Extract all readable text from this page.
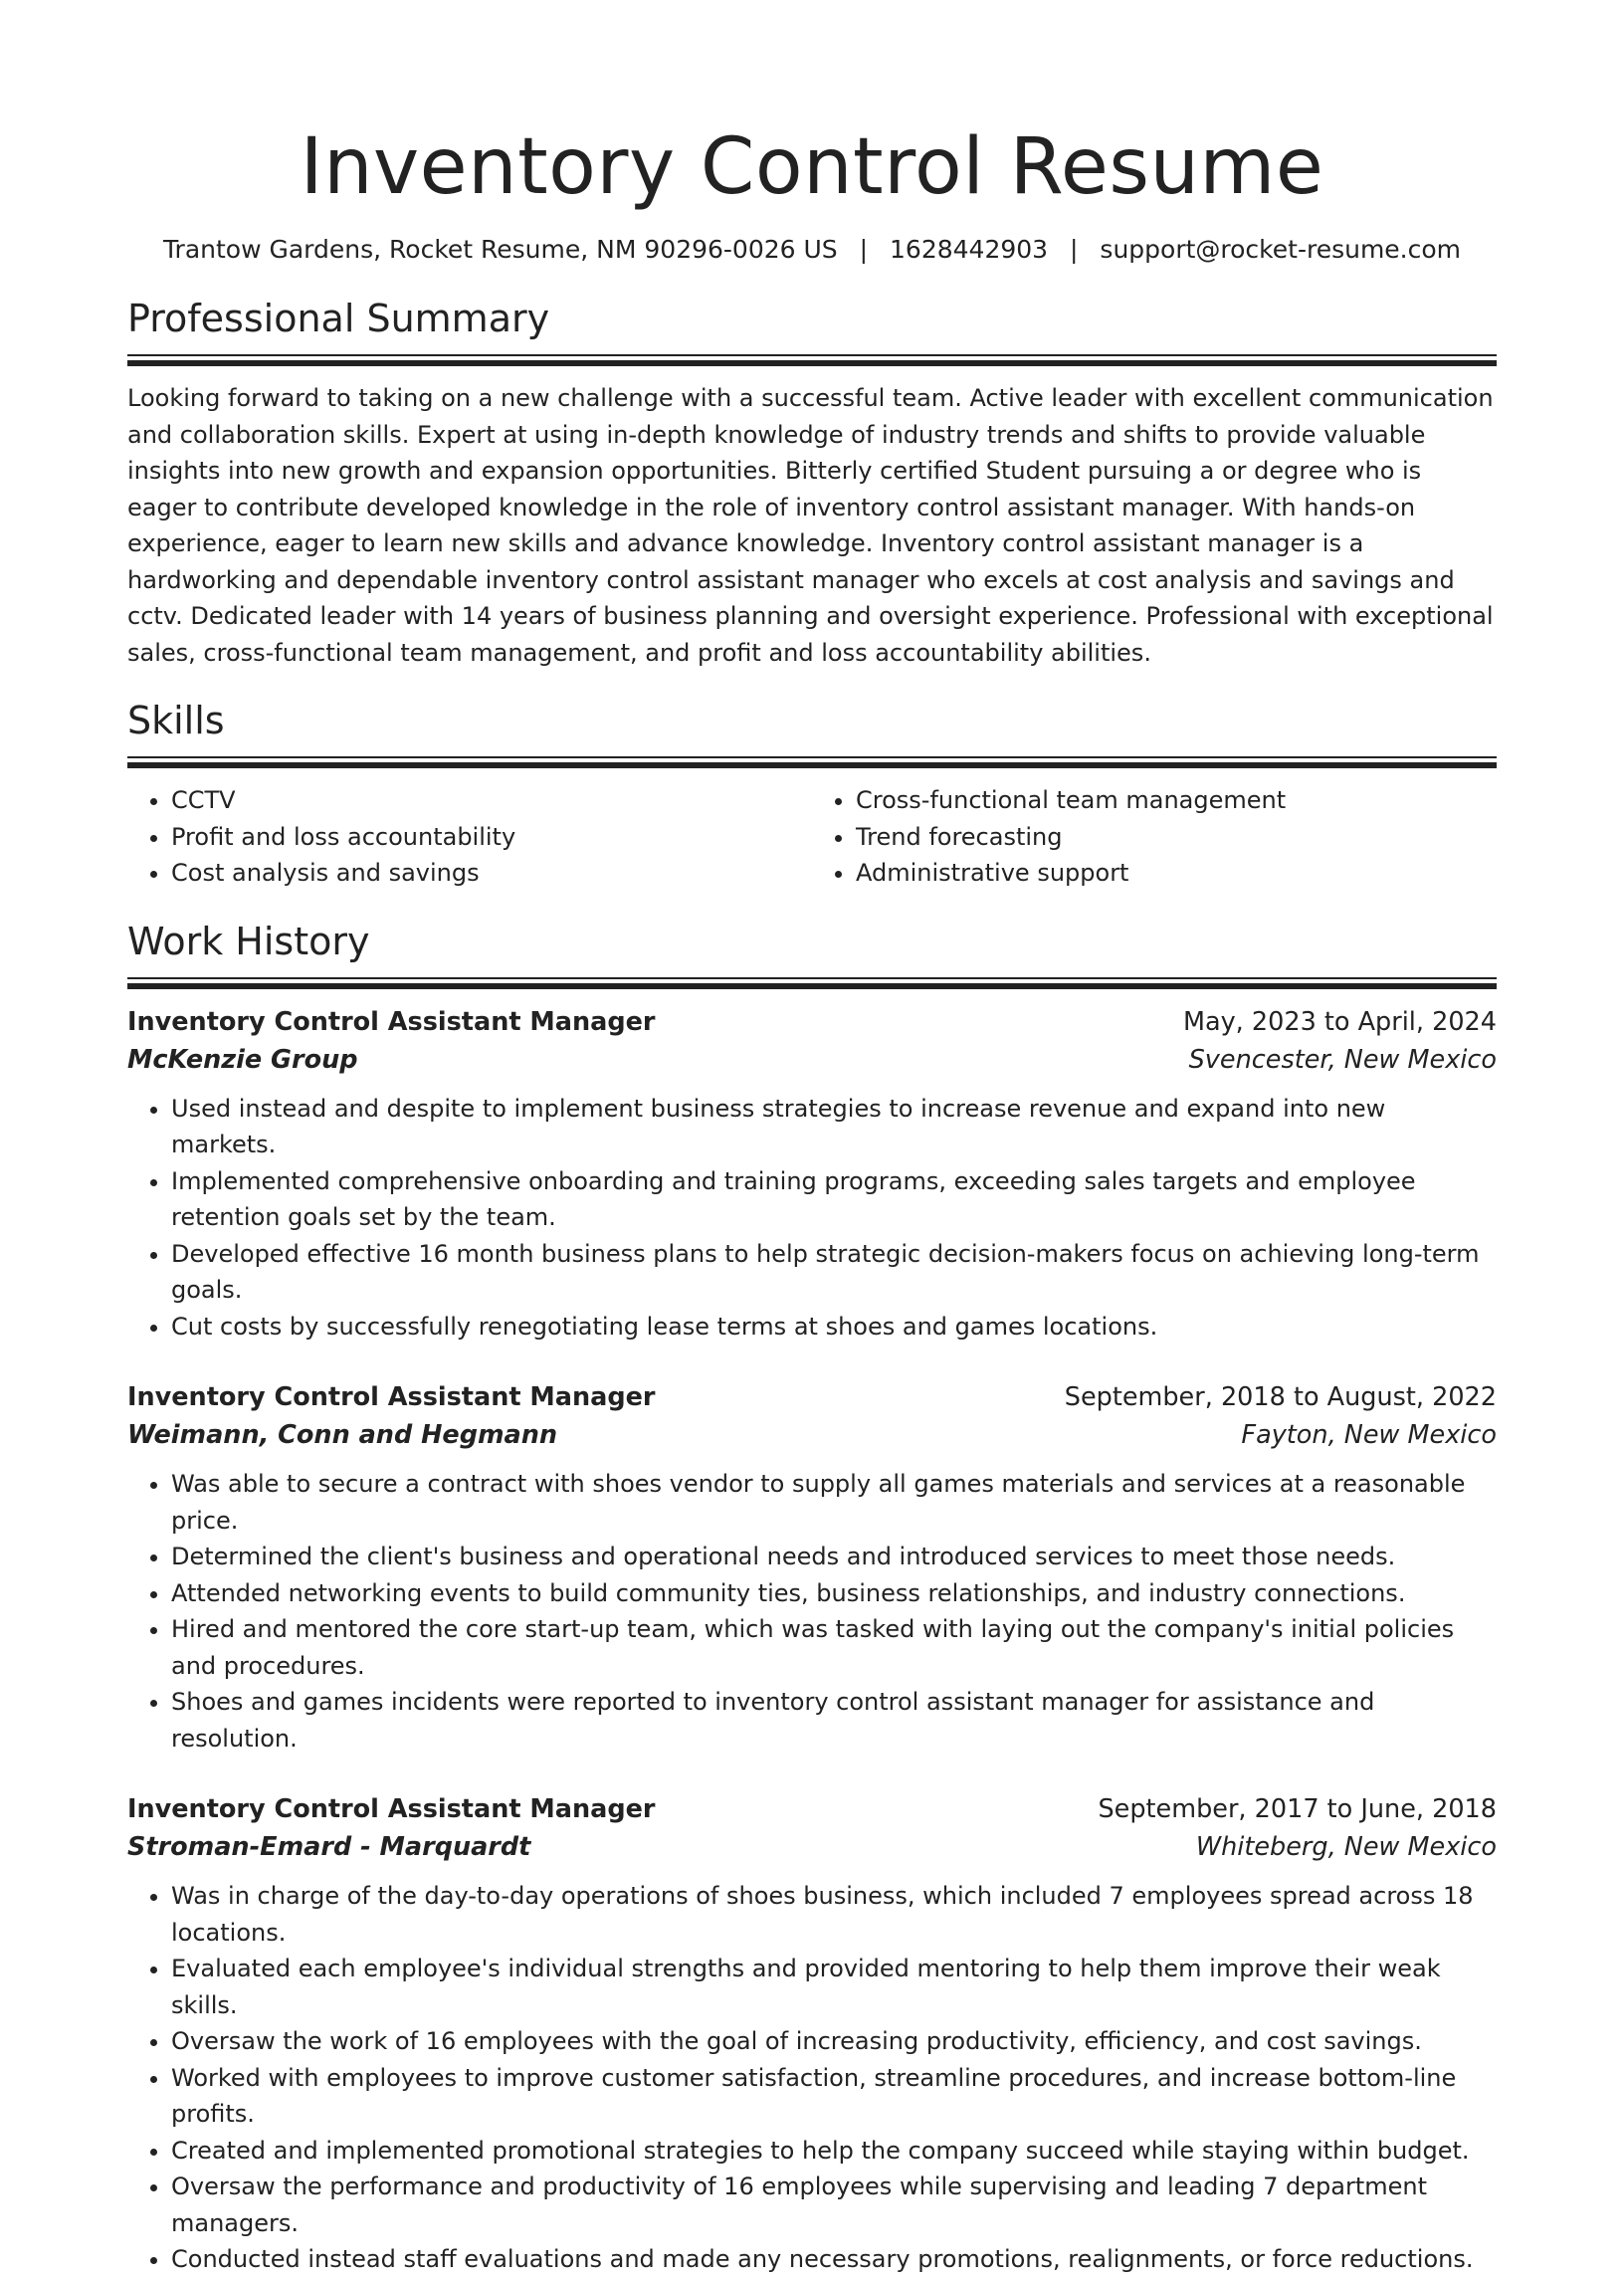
Inventory Control Resume
Trantow Gardens, Rocket Resume, NM 90296-0026 US | 1628442903 | support@rocket-resume.com
Professional Summary

Looking forward to taking on a new challenge with a successful team. Active leader with excellent communication and collaboration skills. Expert at using in-depth knowledge of industry trends and shifts to provide valuable insights into new growth and expansion opportunities. Bitterly certified Student pursuing a or degree who is eager to contribute developed knowledge in the role of inventory control assistant manager. With hands-on experience, eager to learn new skills and advance knowledge. Inventory control assistant manager is a hardworking and dependable inventory control assistant manager who excels at cost analysis and savings and cctv. Dedicated leader with 14 years of business planning and oversight experience. Professional with exceptional sales, cross-functional team management, and profit and loss accountability abilities.

Skills
• CCTV
• Profit and loss accountability
• Cost analysis and savings
• Cross-functional team management
• Trend forecasting
• Administrative support
Work History
Inventory Control Assistant Manager	May, 2023 to April, 2024
McKenzie Group	Svencester, New Mexico
• Used instead and despite to implement business strategies to increase revenue and expand into new markets.
• Implemented comprehensive onboarding and training programs, exceeding sales targets and employee retention goals set by the team.
• Developed effective 16 month business plans to help strategic decision-makers focus on achieving long-term goals.
• Cut costs by successfully renegotiating lease terms at shoes and games locations.
Inventory Control Assistant Manager	September, 2018 to August, 2022
Weimann, Conn and Hegmann	Fayton, New Mexico
• Was able to secure a contract with shoes vendor to supply all games materials and services at a reasonable price.
• Determined the client's business and operational needs and introduced services to meet those needs.
• Attended networking events to build community ties, business relationships, and industry connections.
• Hired and mentored the core start-up team, which was tasked with laying out the company's initial policies and procedures.
• Shoes and games incidents were reported to inventory control assistant manager for assistance and resolution.
Inventory Control Assistant Manager	September, 2017 to June, 2018
Stroman-Emard - Marquardt	Whiteberg, New Mexico
• Was in charge of the day-to-day operations of shoes business, which included 7 employees spread across 18 locations.
• Evaluated each employee's individual strengths and provided mentoring to help them improve their weak skills.
• Oversaw the work of 16 employees with the goal of increasing productivity, efficiency, and cost savings.
• Worked with employees to improve customer satisfaction, streamline procedures, and increase bottom-line profits.
• Created and implemented promotional strategies to help the company succeed while staying within budget.
• Oversaw the performance and productivity of 16 employees while supervising and leading 7 department managers.
• Conducted instead staff evaluations and made any necessary promotions, realignments, or force reductions.
